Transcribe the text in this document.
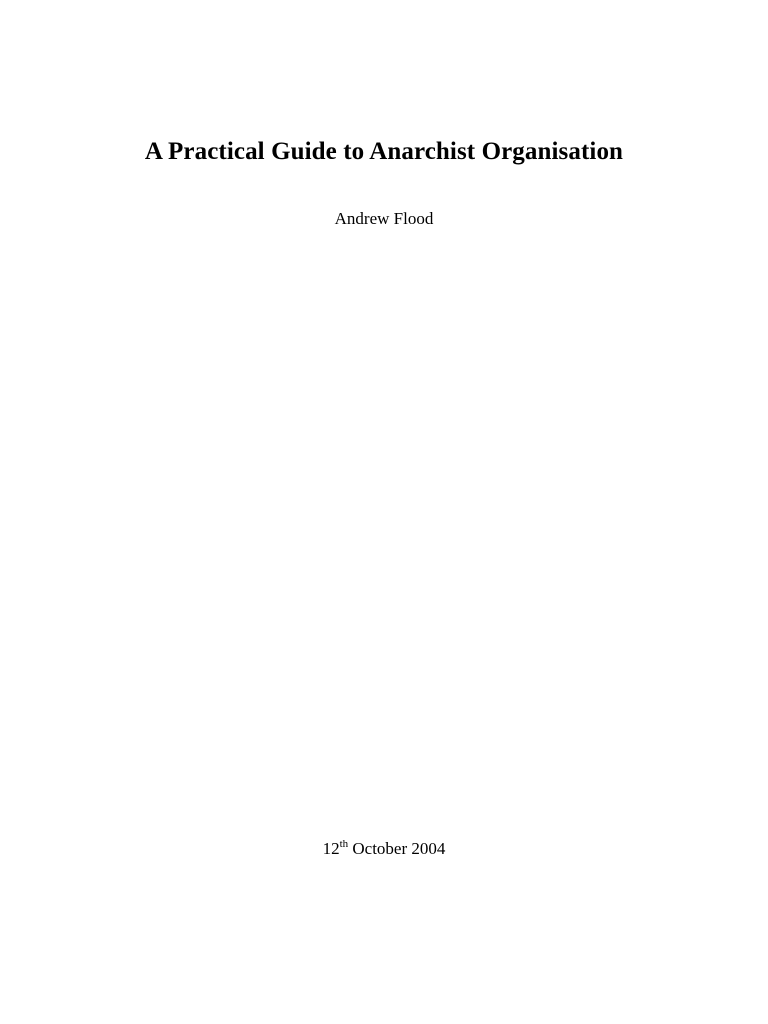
A Practical Guide to Anarchist Organisation
Andrew Flood
12th October 2004
